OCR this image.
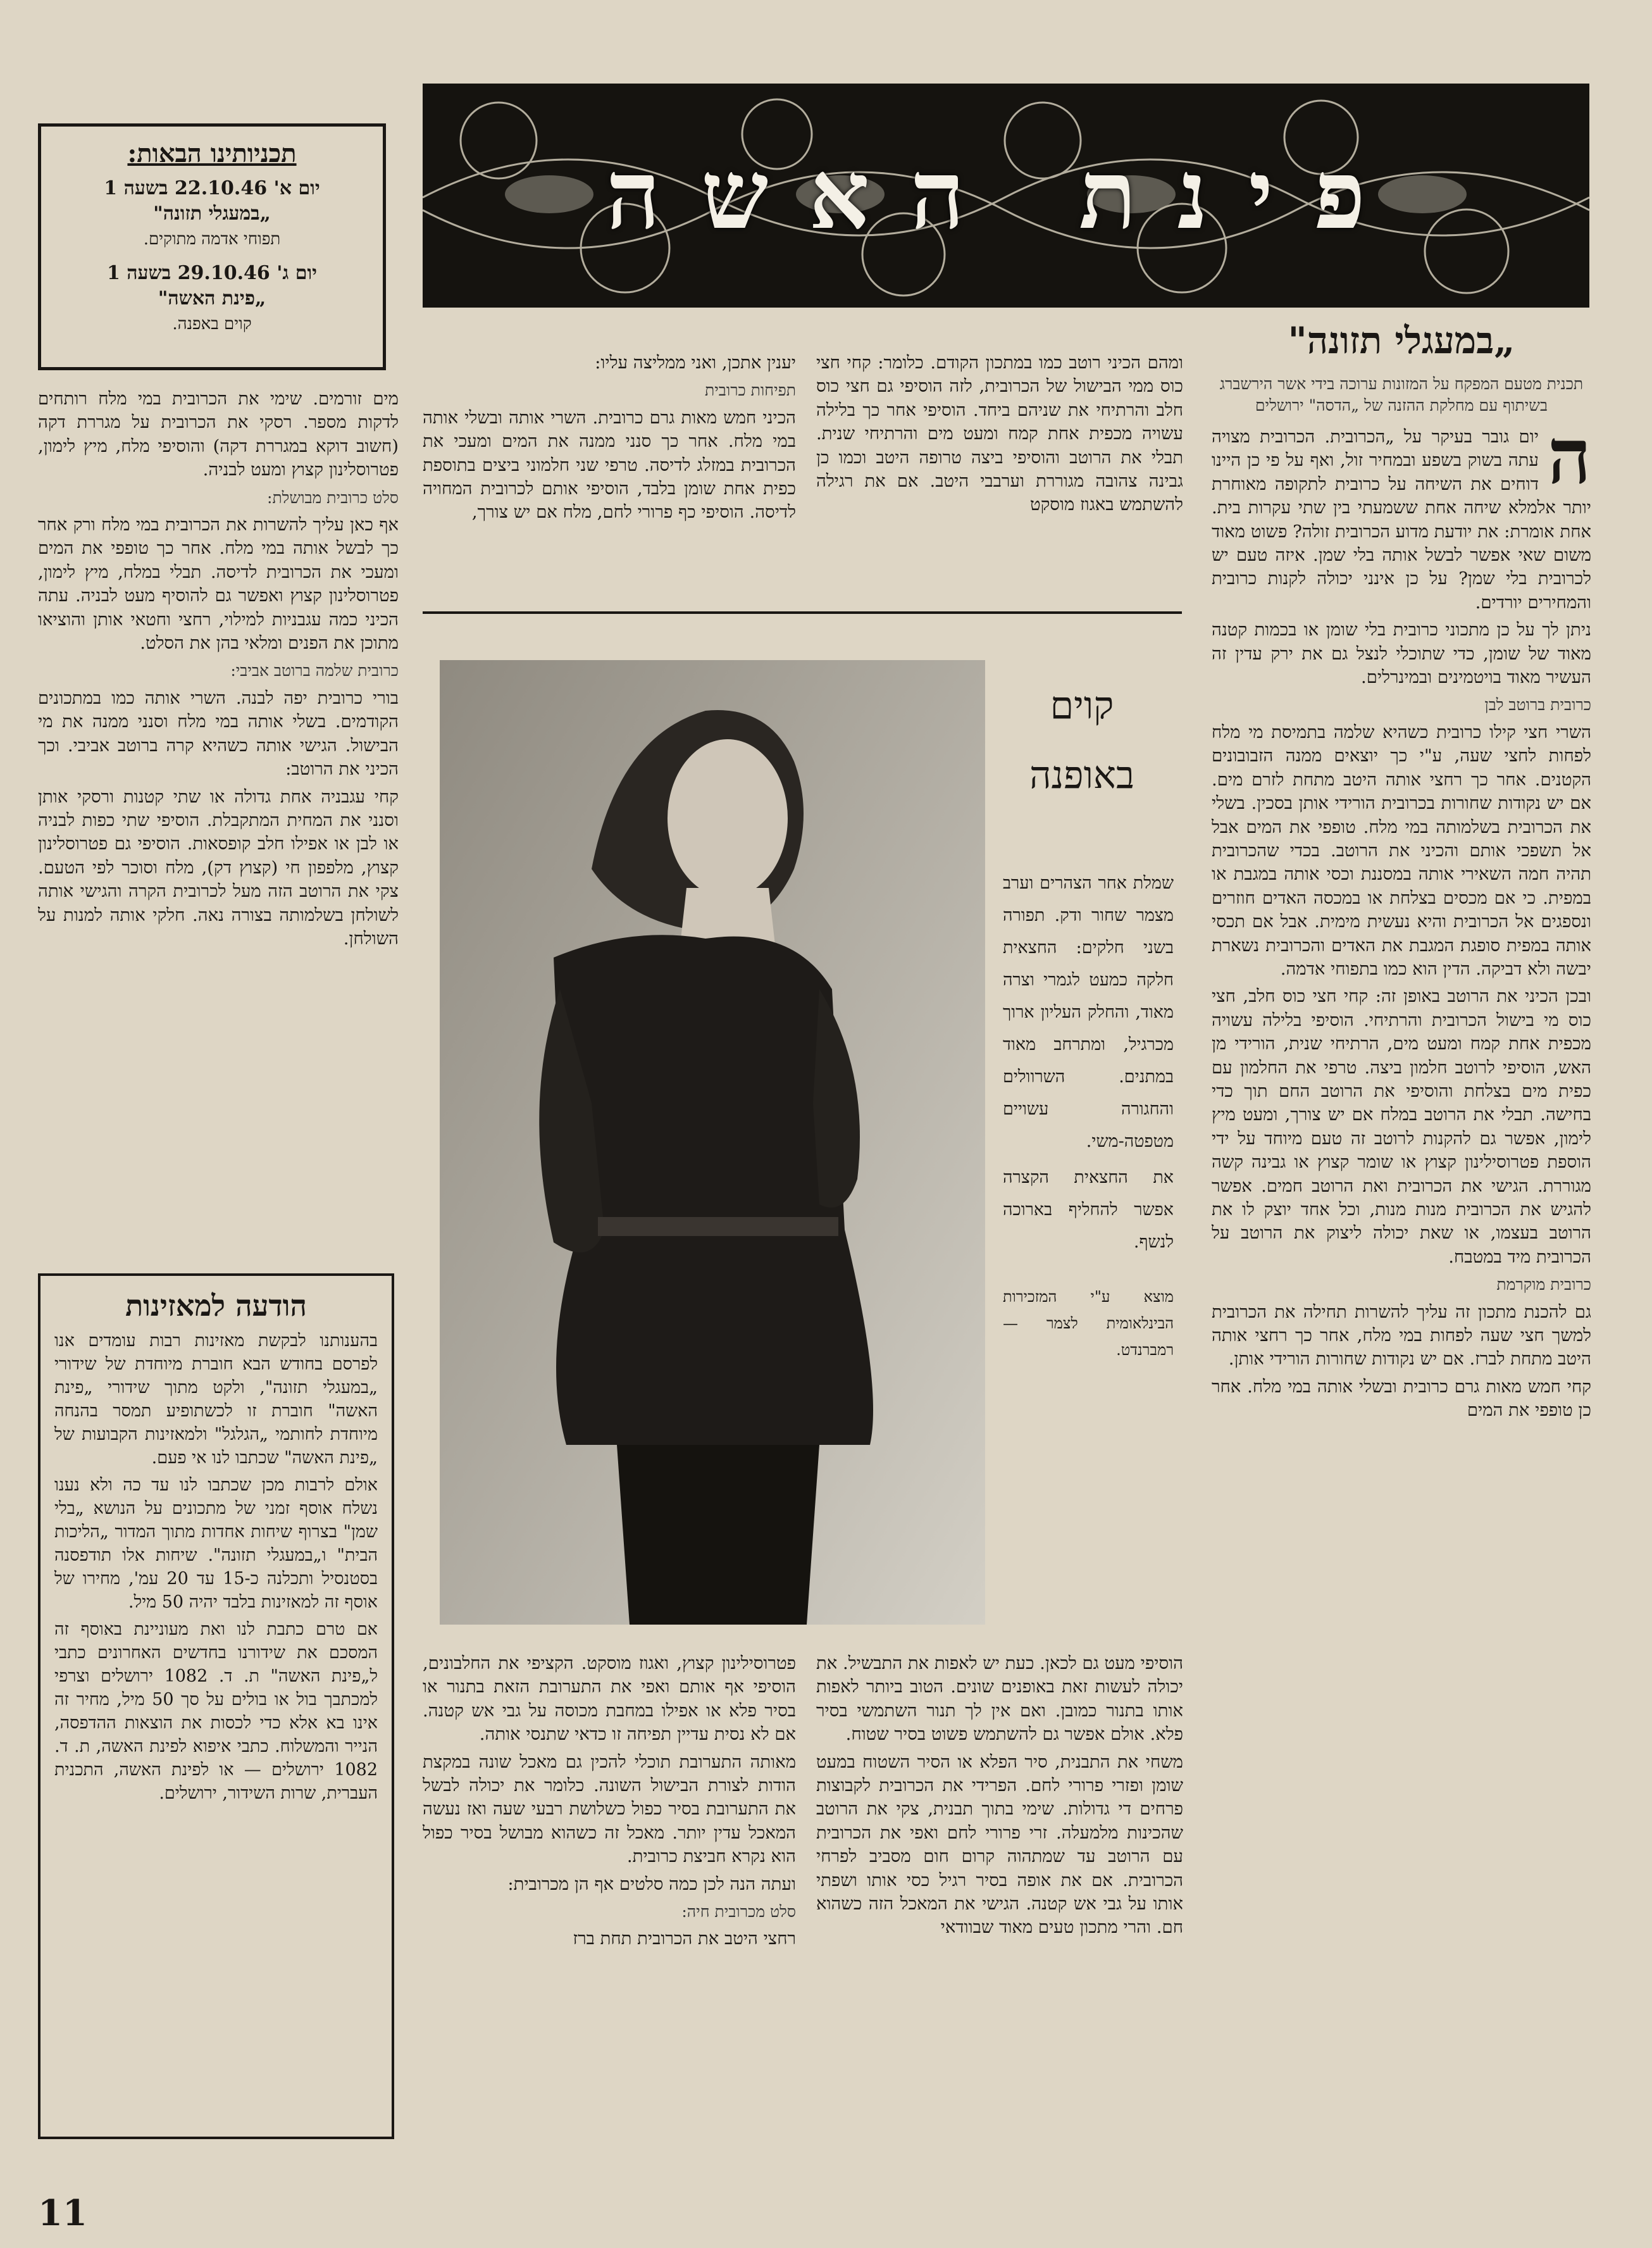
פינת האשה
תכניותינו הבאות:
יום א' 22.10.46 בשעה 1
„במעגלי תזונה"
תפוחי אדמה מתוקים.
יום ג' 29.10.46 בשעה 1
„פינת האשה"
קוים באפנה.

מים זורמים. שימי את הכרובית במי מלח רותחים לדקות מספר. רסקי את הכרובית על מגררת דקה (חשוב דוקא במגררת דקה) והוסיפי מלח, מיץ לימון, פטרוסלינון קצוץ ומעט לבניה.

סלט כרובית מבושלת:

אף כאן עליך להשרות את הכרובית במי מלח ורק אחר כך לבשל אותה במי מלח. אחר כך טופפי את המים ומעכי את הכרובית לדיסה. תבלי במלח, מיץ לימון, פטרוסלינון קצוץ ואפשר גם להוסיף מעט לבניה. עתה הכיני כמה עגבניות למילוי, רחצי וחטאי אותן והוציאו מתוכן את הפנים ומלאי בהן את הסלט.

כרובית שלמה ברוטב אביבי:

בורי כרובית יפה לבנה. השרי אותה כמו במתכונים הקודמים. בשלי אותה במי מלח וסנני ממנה את מי הבישול. הגישי אותה כשהיא קרה ברוטב אביבי. וכך הכיני את הרוטב:

קחי עגבניה אחת גדולה או שתי קטנות ורסקי אותן וסנני את המחית המתקבלת. הוסיפי שתי כפות לבניה או לבן או אפילו חלב קופסאות. הוסיפי גם פטרוסלינון קצוץ, מלפפון חי (קצוץ דק), מלח וסוכר לפי הטעם. צקי את הרוטב הזה מעל לכרובית הקרה והגישי אותה לשולחן בשלמותה בצורה נאה. חלקי אותה למנות על השולחן.

הודעה למאזינות

בהענותנו לבקשת מאזינות רבות עומדים אנו לפרסם בחודש הבא חוברת מיוחדת של שידורי „במעגלי תזונה", ולקט מתוך שידורי „פינת האשה" חוברת זו לכשתופיע תמסר בהנחה מיוחדת לחותמי „הגלגל" ולמאזינות הקבועות של „פינת האשה" שכתבו לנו אי פעם.

אולם לרבות מכן שכתבו לנו עד כה ולא נענו נשלח אוסף זמני של מתכונים על הנושא „בלי שמן" בצרוף שיחות אחדות מתוך המדור „הליכות הבית" ו„במעגלי תזונה". שיחות אלו תודפסנה בסטנסיל ותכלנה כ-15 עד 20 עמ', מחירו של אוסף זה למאזינות בלבד יהיה 50 מיל.

אם טרם כתבת לנו ואת מעוניינת באוסף זה המסכם את שידורנו בחדשים האחרונים כתבי ל„פינת האשה" ת. ד. 1082 ירושלים וצרפי למכתבך בול או בולים על סך 50 מיל, מחיר זה אינו בא אלא כדי לכסות את הוצאות ההדפסה, הנייר והמשלוח. כתבי איפוא לפינת האשה, ת. ד. 1082 ירושלים — או לפינת האשה, התכנית העברית, שרות השידור, ירושלים.

„במעגלי תזונה"
תכנית מטעם המפקח על המזונות ערוכה בידי אשר הירשברג בשיתוף עם מחלקת ההזנה של „הדסה" ירושלים

ה
יום גובר בעיקר על „הכרובית. הכרובית מצויה עתה בשוק בשפע ובמחיר זול, ואף על פי כן היינו דוחים את השיחה על כרובית לתקופה מאוחרת יותר אלמלא שיחה אחת ששמעתי בין שתי עקרות בית. אחת אומרת: את יודעת מדוע הכרובית זולה? פשוט מאוד משום שאי אפשר לבשל אותה בלי שמן. איזה טעם יש לכרובית בלי שמן? על כן אינני יכולה לקנות כרובית והמחירים יורדים.

ניתן לך על כן מתכוני כרובית בלי שומן או בכמות קטנה מאוד של שומן, כדי שתוכלי לנצל גם את ירק עדין זה העשיר מאוד בויטמינים ובמינרלים.

כרובית ברוטב לבן

השרי חצי קילו כרובית כשהיא שלמה בתמיסת מי מלח לפחות לחצי שעה, ע"י כך יוצאים ממנה הזבובונים הקטנים. אחר כך רחצי אותה היטב מתחת לזרם מים. אם יש נקודות שחורות בכרובית הורידי אותן בסכין. בשלי את הכרובית בשלמותה במי מלח. טופפי את המים אבל אל תשפכי אותם והכיני את הרוטב. בכדי שהכרובית תהיה חמה השאירי אותה במסננת וכסי אותה במגבת או במפית. כי אם מכסים בצלחת או במכסה האדים חוזרים ונספגים אל הכרובית והיא נעשית מימית. אבל אם תכסי אותה במפית סופגת המגבת את האדים והכרובית נשארת יבשה ולא דביקה. הדין הוא כמו בתפוחי אדמה.

ובכן הכיני את הרוטב באופן זה: קחי חצי כוס חלב, חצי כוס מי בישול הכרובית והרתיחי. הוסיפי בלילה עשויה מכפית אחת קמח ומעט מים, הרתיחי שנית, הורידי מן האש, הוסיפי לרוטב חלמון ביצה. טרפי את החלמון עם כפית מים בצלחת והוסיפי את הרוטב החם תוך כדי בחישה. תבלי את הרוטב במלח אם יש צורך, ומעט מיץ לימון, אפשר גם להקנות לרוטב זה טעם מיוחד על ידי הוספת פטרוסילינון קצוץ או שומר קצוץ או גבינה קשה מגוררת. הגישי את הכרובית ואת הרוטב חמים. אפשר להגיש את הכרובית מנות מנות, וכל אחד יוצק לו את הרוטב בעצמו, או שאת יכולה ליצוק את הרוטב על הכרובית מיד במטבח.

כרובית מוקרמת

גם להכנת מתכון זה עליך להשרות תחילה את הכרובית למשך חצי שעה לפחות במי מלח, אחר כך רחצי אותה היטב מתחת לברז. אם יש נקודות שחורות הורידי אותן.

קחי חמש מאות גרם כרובית ובשלי אותה במי מלח. אחר כן טופפי את המים

ומהם הכיני רוטב כמו במתכון הקודם. כלומר: קחי חצי כוס ממי הבישול של הכרובית, לזה הוסיפי גם חצי כוס חלב והרתיחי את שניהם ביחד. הוסיפי אחר כך בלילה עשויה מכפית אחת קמח ומעט מים והרתיחי שנית. תבלי את הרוטב והוסיפי ביצה טרופה היטב וכמו כן גבינה צהובה מגוררת וערבבי היטב. אם את רגילה להשתמש באגוז מוסקט

יענין אתכן, ואני ממליצה עליו:

תפיחות כרובית

הכיני חמש מאות גרם כרובית. השרי אותה ובשלי אותה במי מלח. אחר כך סנני ממנה את המים ומעכי את הכרובית במזלג לדיסה. טרפי שני חלמוני ביצים בתוספת כפית אחת שומן בלבד, הוסיפי אותם לכרובית המחויה לדיסה. הוסיפי כף פרורי לחם, מלח אם יש צורך,

קוים
באופנה

שמלת אחר הצהרים וערב מצמר שחור ודק. תפורה בשני חלקים: החצאית חלקה כמעט לגמרי וצרה מאוד, והחלק העליון ארוך מכרגיל, ומתרחב מאוד במתנים. השרוולים והחגורה עשויים מטפטה-משי.

את החצאית הקצרה אפשר להחליף בארוכה לנשף.

מוצא ע"י המזכירות הבינלאומית לצמר — רמברנדט.

הוסיפי מעט גם לכאן. כעת יש לאפות את התבשיל. את יכולה לעשות זאת באופנים שונים. הטוב ביותר לאפות אותו בתנור כמובן. ואם אין לך תנור השתמשי בסיר פלא. אולם אפשר גם להשתמש פשוט בסיר שטוח.

משחי את התבנית, סיר הפלא או הסיר השטוח במעט שומן ופזרי פרורי לחם. הפרידי את הכרובית לקבוצות פרחים די גדולות. שימי בתוך תבנית, צקי את הרוטב שהכינות מלמעלה. זרי פרורי לחם ואפי את הכרובית עם הרוטב עד שמתהוה קרום חום מסביב לפרחי הכרובית. אם את אופה בסיר רגיל כסי אותו ושפתי אותו על גבי אש קטנה. הגישי את המאכל הזה כשהוא חם. והרי מתכון טעים מאוד שבוודאי

פטרוסילינון קצוץ, ואגוז מוסקט. הקציפי את החלבונים, הוסיפי אף אותם ואפי את התערובת הזאת בתנור או בסיר פלא או אפילו במחבת מכוסה על גבי אש קטנה. אם לא נסית עדיין תפיחה זו כדאי שתנסי אותה.

מאותה התערובת תוכלי להכין גם מאכל שונה במקצת הודות לצורת הבישול השונה. כלומר את יכולה לבשל את התערובת בסיר כפול כשלושת רבעי שעה ואז נעשה המאכל עדין יותר. מאכל זה כשהוא מבושל בסיר כפול הוא נקרא חביצת כרובית.

ועתה הנה לכן כמה סלטים אף הן מכרובית:

סלט מכרובית חיה:

רחצי היטב את הכרובית תחת ברז

11
